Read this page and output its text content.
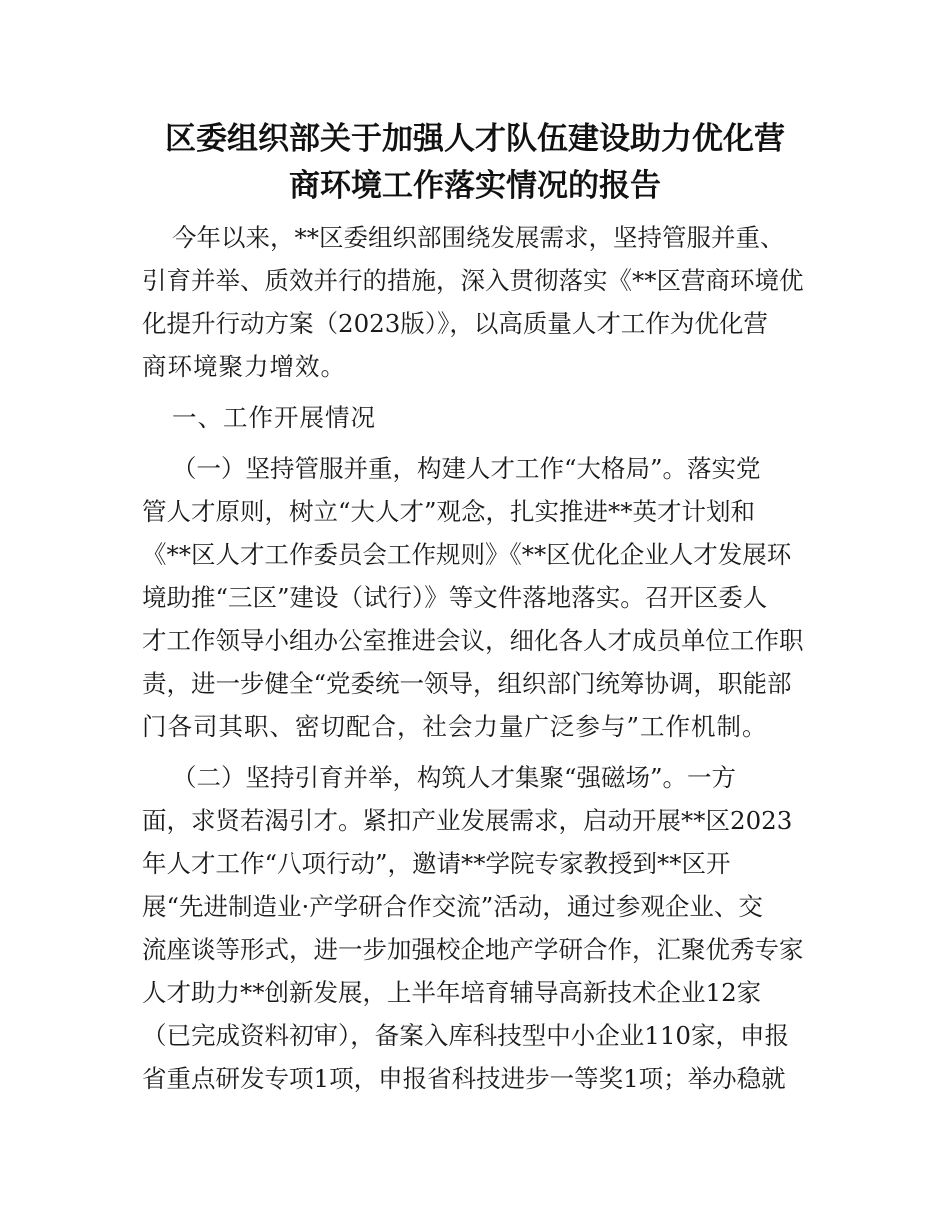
区委组织部关于加强人才队伍建设助力优化营
商环境工作落实情况的报告
今年以来，**区委组织部围绕发展需求，坚持管服并重、
引育并举、质效并行的措施，深入贯彻落实《**区营商环境优
化提升行动方案（2023版）》，以高质量人才工作为优化营
商环境聚力增效。
一、工作开展情况
（一）坚持管服并重，构建人才工作“大格局”。落实党
管人才原则，树立“大人才”观念，扎实推进**英才计划和
《**区人才工作委员会工作规则》《**区优化企业人才发展环
境助推“三区”建设（试行）》等文件落地落实。召开区委人
才工作领导小组办公室推进会议，细化各人才成员单位工作职
责，进一步健全“党委统一领导，组织部门统筹协调，职能部
门各司其职、密切配合，社会力量广泛参与”工作机制。
（二）坚持引育并举，构筑人才集聚“强磁场”。一方
面，求贤若渴引才。紧扣产业发展需求，启动开展**区2023
年人才工作“八项行动”，邀请**学院专家教授到**区开
展“先进制造业·产学研合作交流”活动，通过参观企业、交
流座谈等形式，进一步加强校企地产学研合作，汇聚优秀专家
人才助力**创新发展，上半年培育辅导高新技术企业12家
（已完成资料初审），备案入库科技型中小企业110家，申报
省重点研发专项1项，申报省科技进步一等奖1项；举办稳就
